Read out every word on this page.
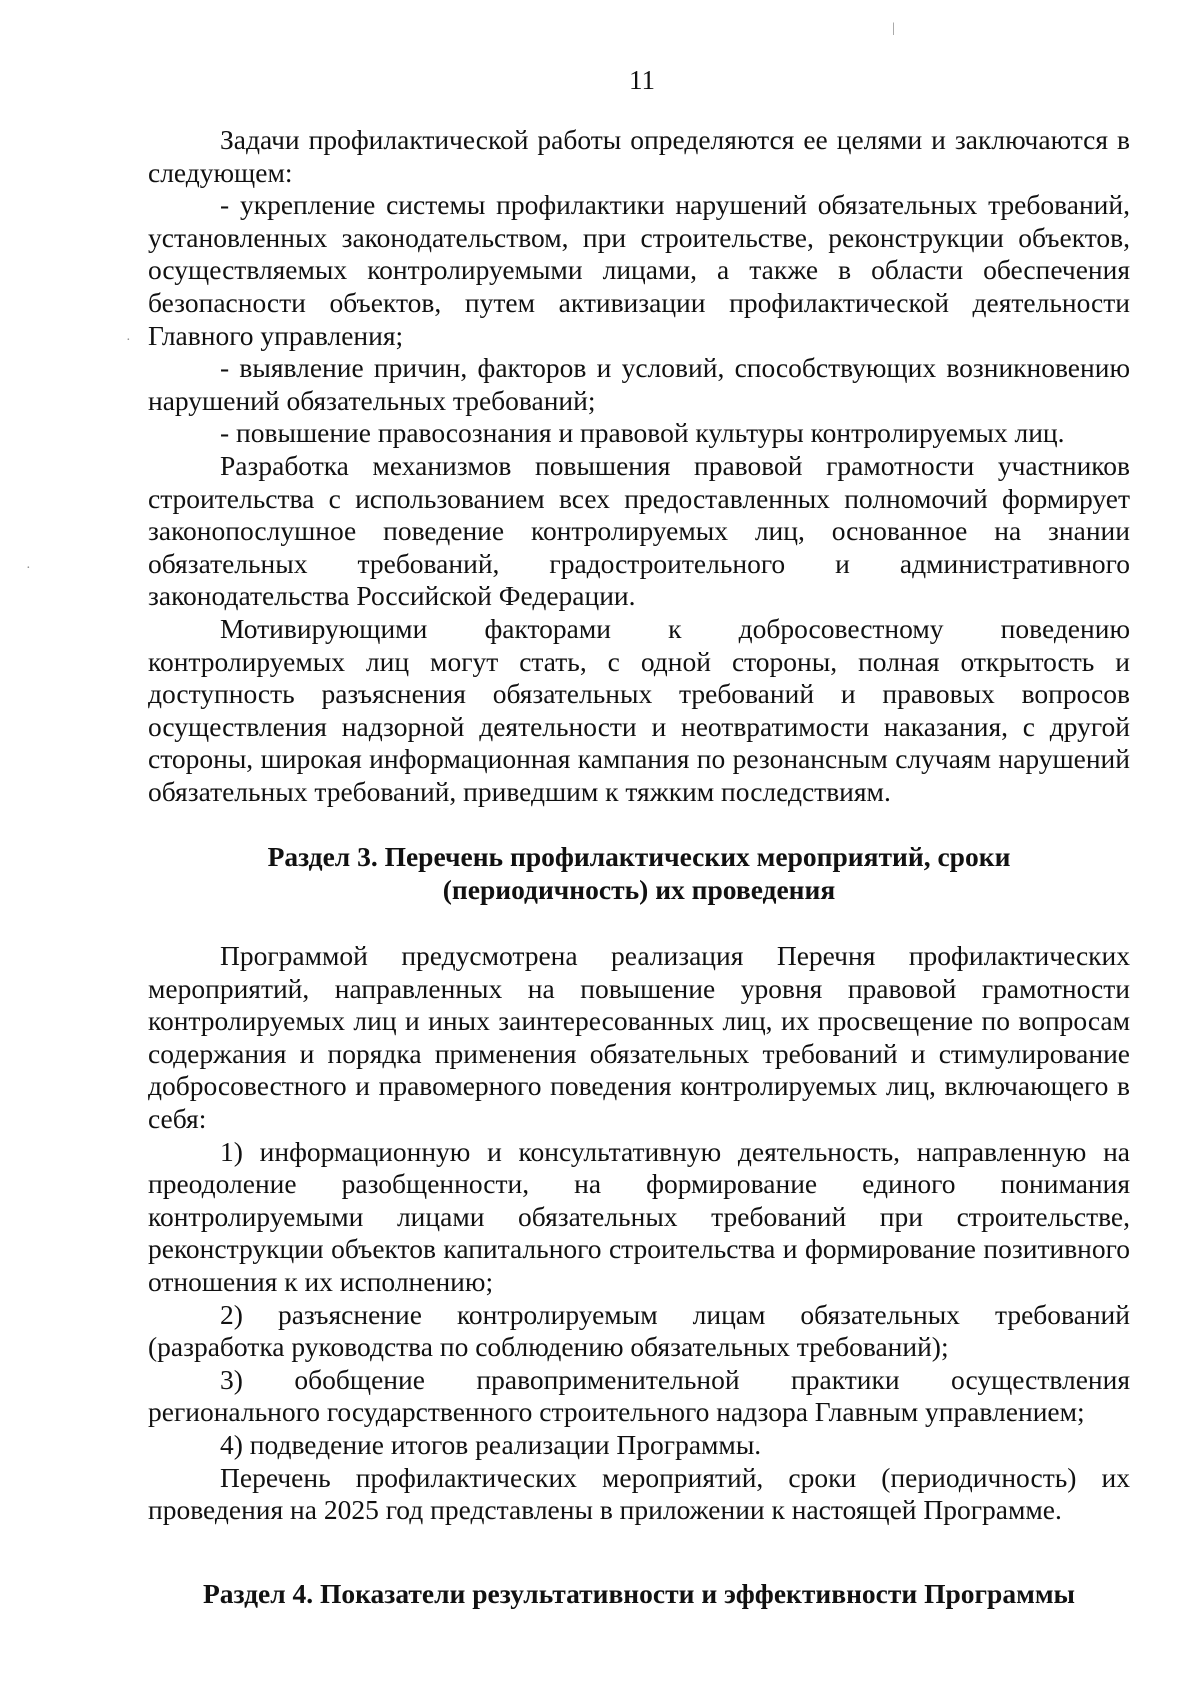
|
·
·
11

Задачи профилактической работы определяются ее целями и заключаются в следующем:

- укрепление системы профилактики нарушений обязательных требований, установленных законодательством, при строительстве, реконструкции объектов, осуществляемых контролируемыми лицами, а также в области обеспечения безопасности объектов, путем активизации профилактической деятельности Главного управления;

- выявление причин, факторов и условий, способствующих возникновению нарушений обязательных требований;

- повышение правосознания и правовой культуры контролируемых лиц.

Разработка механизмов повышения правовой грамотности участников строительства с использованием всех предоставленных полномочий формирует законопослушное поведение контролируемых лиц, основанное на знании обязательных требований, градостроительного и административного законодательства Российской Федерации.

Мотивирующими факторами к добросовестному поведению контролируемых лиц могут стать, с одной стороны, полная открытость и доступность разъяснения обязательных требований и правовых вопросов осуществления надзорной деятельности и неотвратимости наказания, с другой стороны, широкая информационная кампания по резонансным случаям нарушений обязательных требований, приведшим к тяжким последствиям.

Раздел 3. Перечень профилактических мероприятий, сроки
(периодичность) их проведения

Программой предусмотрена реализация Перечня профилактических мероприятий, направленных на повышение уровня правовой грамотности контролируемых лиц и иных заинтересованных лиц, их просвещение по вопросам содержания и порядка применения обязательных требований и стимулирование добросовестного и правомерного поведения контролируемых лиц, включающего в себя:

1) информационную и консультативную деятельность, направленную на преодоление разобщенности, на формирование единого понимания контролируемыми лицами обязательных требований при строительстве, реконструкции объектов капитального строительства и формирование позитивного отношения к их исполнению;

2) разъяснение контролируемым лицам обязательных требований (разработка руководства по соблюдению обязательных требований);

3) обобщение правоприменительной практики осуществления регионального государственного строительного надзора Главным управлением;

4) подведение итогов реализации Программы.

Перечень профилактических мероприятий, сроки (периодичность) их проведения на 2025 год представлены в приложении к настоящей Программе.

Раздел 4. Показатели результативности и эффективности Программы
